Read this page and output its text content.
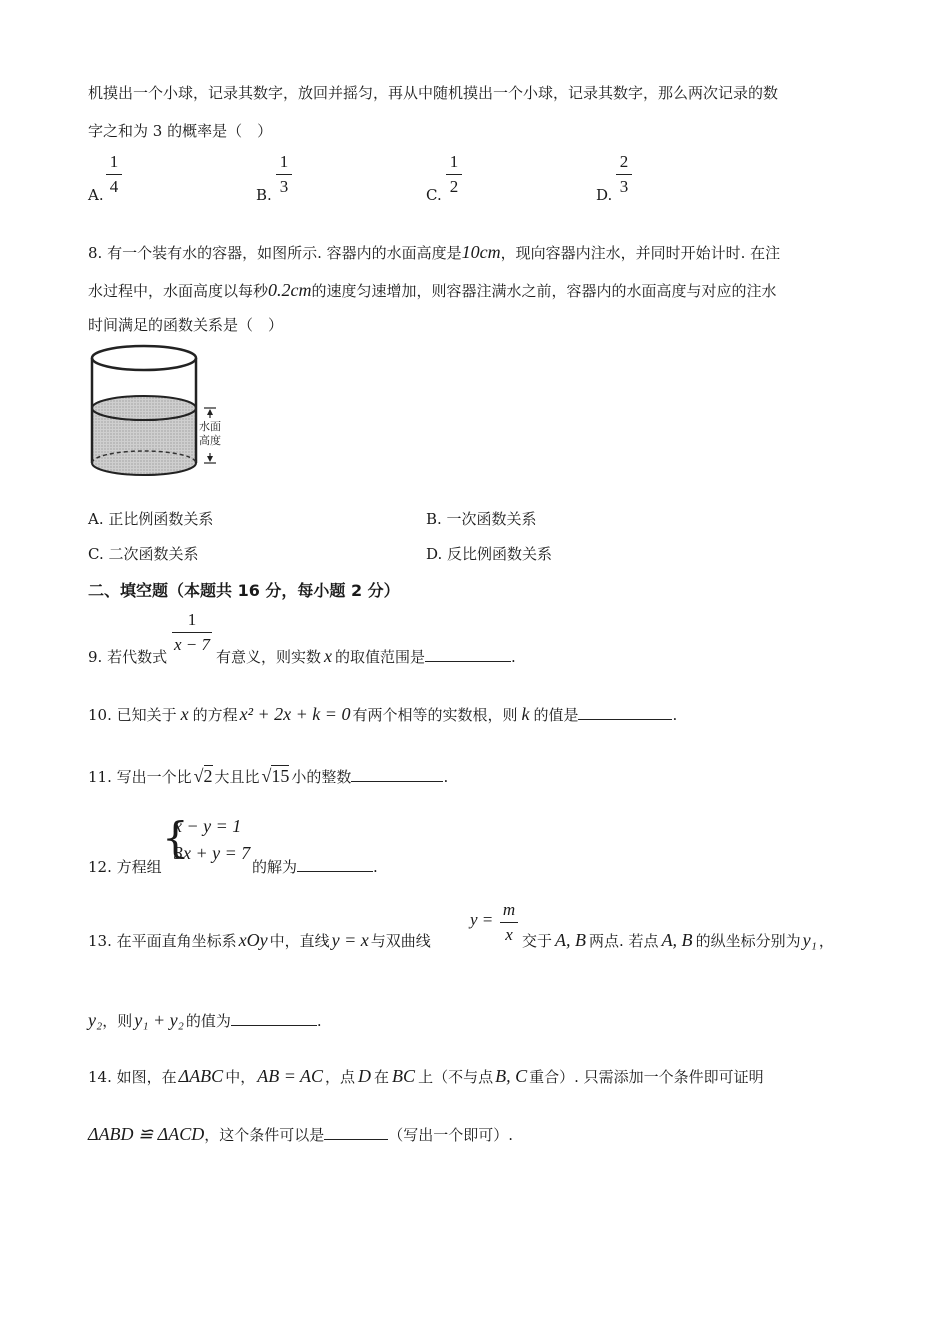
机摸出一个小球，记录其数字，放回并摇匀，再从中随机摸出一个小球，记录其数字，那么两次记录的数
字之和为 3 的概率是（　）
A.
1
4	B.
1
3	C.
1
2	D.
2
3
8. 有一个装有水的容器，如图所示. 容器内的水面高度是10cm，现向容器内注水，并同时开始计时. 在注
水过程中，水面高度以每秒0.2cm的速度匀速增加，则容器注满水之前，容器内的水面高度与对应的注水
时间满足的函数关系是（　）
水面
高度
A. 正比例函数关系	B. 一次函数关系
C. 二次函数关系	D. 反比例函数关系
二、填空题（本题共 16 分，每小题 2 分）
9. 若代数式
1
x − 7
有意义，则实数 x 的取值范围是	.
10. 已知关于 x 的方程 x² + 2x + k = 0 有两个相等的实数根，则 k 的值是	.
11. 写出一个比 √2 大且比 √15 小的整数	.
12. 方程组
{
x − y = 1
3x + y = 7
的解为	.
13. 在平面直角坐标系 xOy 中，直线 y = x 与双曲线
y =
m
x 交于 A, B 两点. 若点 A, B 的纵坐标分别为 y₁ ，
y₂，则 y₁ + y₂ 的值为	.
14. 如图，在 ΔABC 中， AB = AC ，点 D 在 BC 上（不与点 B, C 重合）. 只需添加一个条件即可证明
ΔABD ≌ ΔACD，这个条件可以是	（写出一个即可）.
